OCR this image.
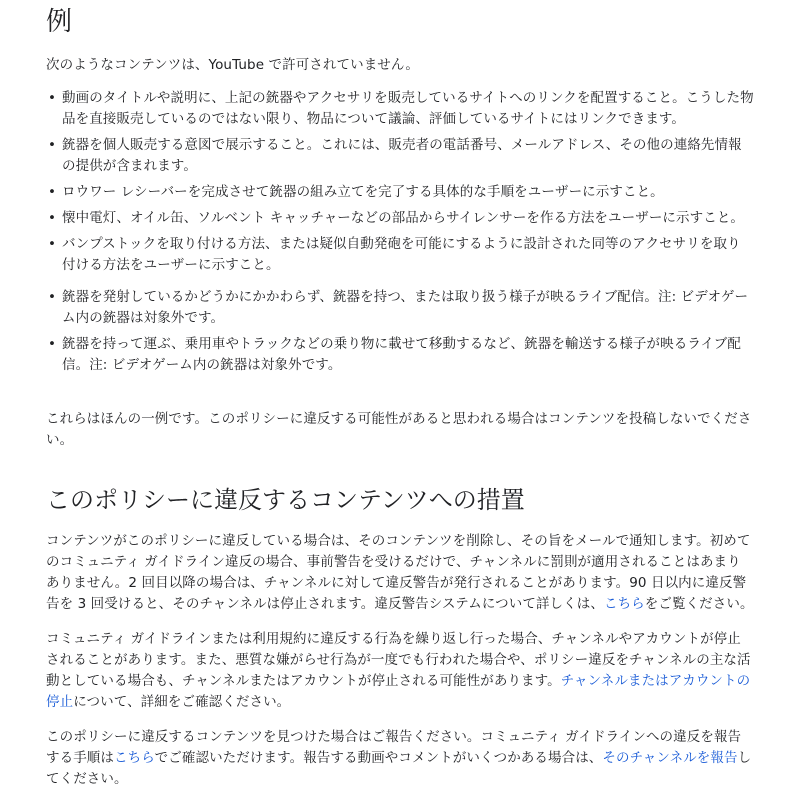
例

次のようなコンテンツは、YouTube で許可されていません。

• 動画のタイトルや説明に、上記の銃器やアクセサリを販売しているサイトへのリンクを配置すること。こうした物品を直接販売しているのではない限り、物品について議論、評価しているサイトにはリンクできます。
• 銃器を個人販売する意図で展示すること。これには、販売者の電話番号、メールアドレス、その他の連絡先情報の提供が含まれます。
• ロウワー レシーバーを完成させて銃器の組み立てを完了する具体的な手順をユーザーに示すこと。
• 懐中電灯、オイル缶、ソルベント キャッチャーなどの部品からサイレンサーを作る方法をユーザーに示すこと。
• バンプストックを取り付ける方法、または疑似自動発砲を可能にするように設計された同等のアクセサリを取り付ける方法をユーザーに示すこと。
• 銃器を発射しているかどうかにかかわらず、銃器を持つ、または取り扱う様子が映るライブ配信。注: ビデオゲーム内の銃器は対象外です。
• 銃器を持って運ぶ、乗用車やトラックなどの乗り物に載せて移動するなど、銃器を輸送する様子が映るライブ配信。注: ビデオゲーム内の銃器は対象外です。

これらはほんの一例です。このポリシーに違反する可能性があると思われる場合はコンテンツを投稿しないでください。

このポリシーに違反するコンテンツへの措置

コンテンツがこのポリシーに違反している場合は、そのコンテンツを削除し、その旨をメールで通知します。初めてのコミュニティ ガイドライン違反の場合、事前警告を受けるだけで、チャンネルに罰則が適用されることはあまりありません。2 回目以降の場合は、チャンネルに対して違反警告が発行されることがあります。90 日以内に違反警告を 3 回受けると、そのチャンネルは停止されます。違反警告システムについて詳しくは、こちらをご覧ください。

コミュニティ ガイドラインまたは利用規約に違反する行為を繰り返し行った場合、チャンネルやアカウントが停止されることがあります。また、悪質な嫌がらせ行為が一度でも行われた場合や、ポリシー違反をチャンネルの主な活動としている場合も、チャンネルまたはアカウントが停止される可能性があります。チャンネルまたはアカウントの停止について、詳細をご確認ください。

このポリシーに違反するコンテンツを見つけた場合はご報告ください。コミュニティ ガイドラインへの違反を報告する手順はこちらでご確認いただけます。報告する動画やコメントがいくつかある場合は、そのチャンネルを報告してください。
